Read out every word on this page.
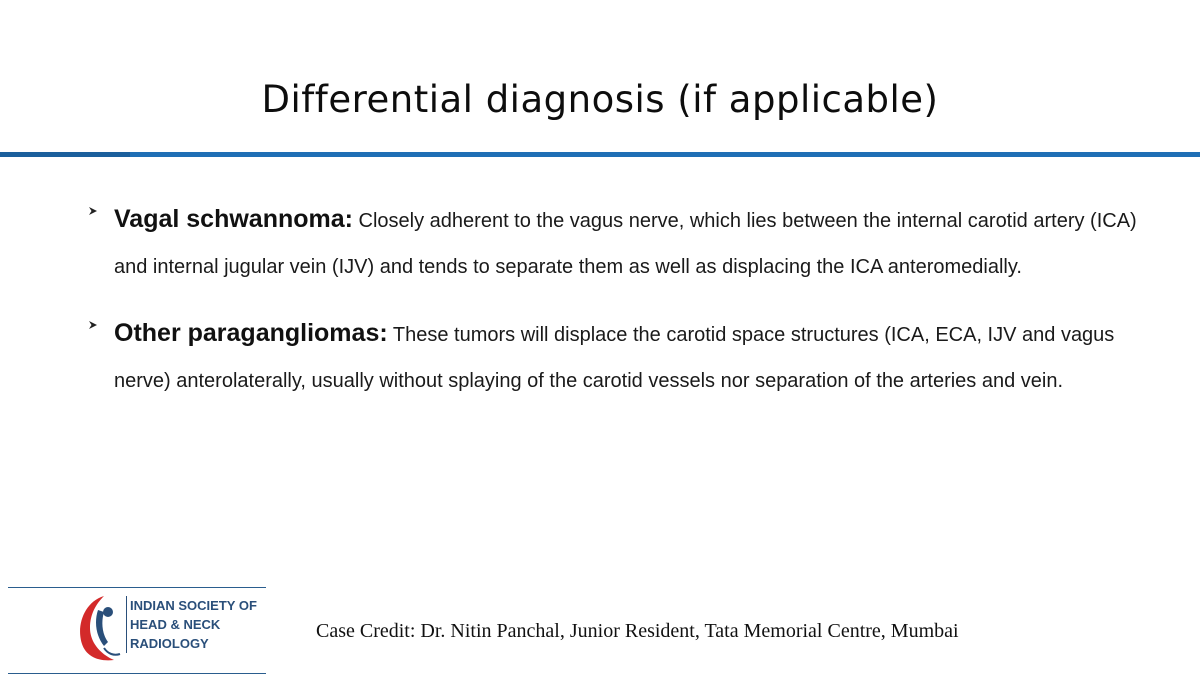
Differential diagnosis (if applicable)
Vagal schwannoma: Closely adherent to the vagus nerve, which lies between the internal carotid artery (ICA) and internal jugular vein (IJV) and tends to separate them as well as displacing the ICA anteromedially.
Other paragangliomas: These tumors will displace the carotid space structures (ICA, ECA, IJV and vagus nerve) anterolaterally, usually without splaying of the carotid vessels nor separation of the arteries and vein.
INDIAN SOCIETY OF
HEAD & NECK
RADIOLOGY
Case Credit: Dr. Nitin Panchal, Junior Resident, Tata Memorial Centre, Mumbai
